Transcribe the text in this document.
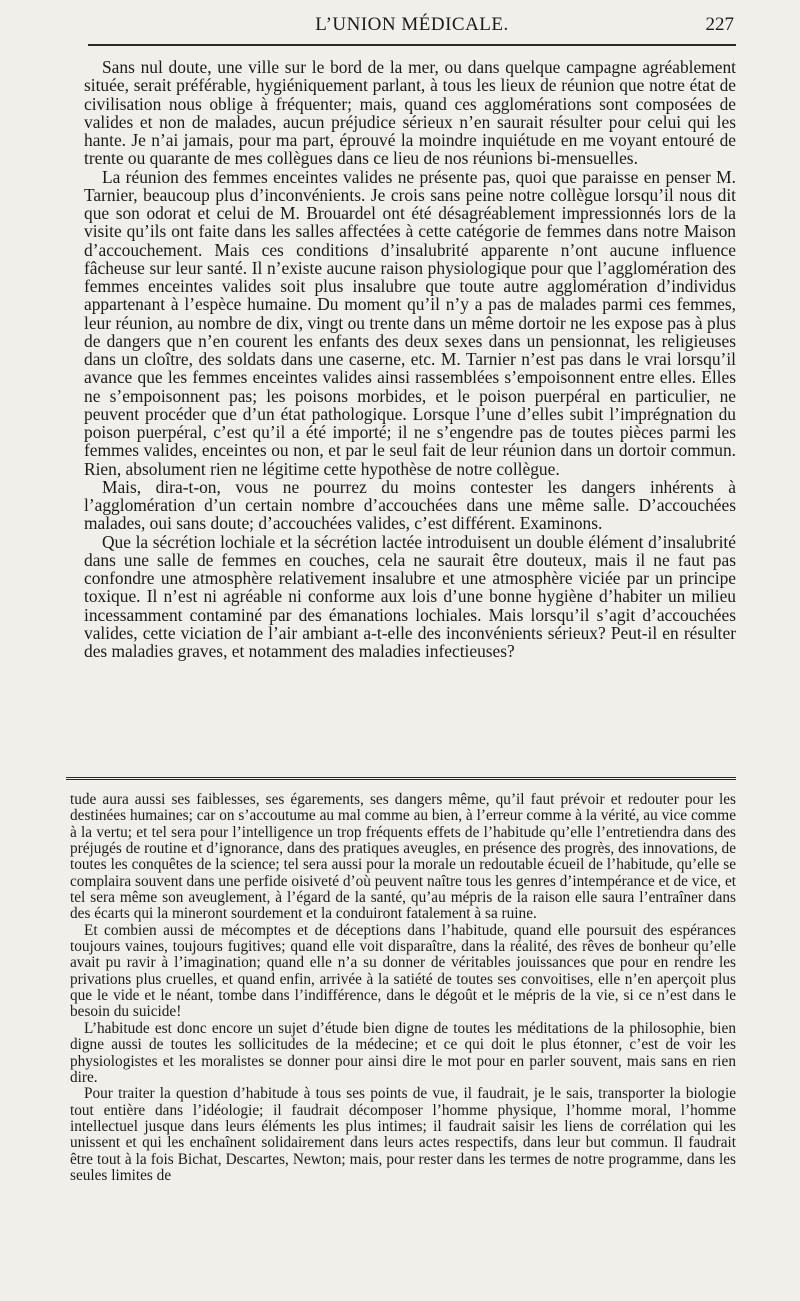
L’UNION MÉDICALE.	227

Sans nul doute, une ville sur le bord de la mer, ou dans quelque campagne agréablement située, serait préférable, hygiéniquement parlant, à tous les lieux de réunion que notre état de civilisation nous oblige à fréquenter; mais, quand ces agglomérations sont composées de valides et non de malades, aucun préjudice sérieux n’en saurait résulter pour celui qui les hante. Je n’ai jamais, pour ma part, éprouvé la moindre inquiétude en me voyant entouré de trente ou quarante de mes collègues dans ce lieu de nos réunions bi-mensuelles.

La réunion des femmes enceintes valides ne présente pas, quoi que paraisse en penser M. Tarnier, beaucoup plus d’inconvénients. Je crois sans peine notre collègue lorsqu’il nous dit que son odorat et celui de M. Brouardel ont été désagréablement impressionnés lors de la visite qu’ils ont faite dans les salles affectées à cette catégorie de femmes dans notre Maison d’accouchement. Mais ces conditions d’insalubrité apparente n’ont aucune influence fâcheuse sur leur santé. Il n’existe aucune raison physiologique pour que l’agglomération des femmes enceintes valides soit plus insalubre que toute autre agglomération d’individus appartenant à l’espèce humaine. Du moment qu’il n’y a pas de malades parmi ces femmes, leur réunion, au nombre de dix, vingt ou trente dans un même dortoir ne les expose pas à plus de dangers que n’en courent les enfants des deux sexes dans un pensionnat, les religieuses dans un cloître, des soldats dans une caserne, etc. M. Tarnier n’est pas dans le vrai lorsqu’il avance que les femmes enceintes valides ainsi rassemblées s’empoisonnent entre elles. Elles ne s’empoisonnent pas; les poisons morbides, et le poison puerpéral en particulier, ne peuvent procéder que d’un état pathologique. Lorsque l’une d’elles subit l’imprégnation du poison puerpéral, c’est qu’il a été importé; il ne s’engendre pas de toutes pièces parmi les femmes valides, enceintes ou non, et par le seul fait de leur réunion dans un dortoir commun. Rien, absolument rien ne légitime cette hypothèse de notre collègue.

Mais, dira-t-on, vous ne pourrez du moins contester les dangers inhérents à l’agglomération d’un certain nombre d’accouchées dans une même salle. D’accouchées malades, oui sans doute; d’accouchées valides, c’est différent. Examinons.

Que la sécrétion lochiale et la sécrétion lactée introduisent un double élément d’insalubrité dans une salle de femmes en couches, cela ne saurait être douteux, mais il ne faut pas confondre une atmosphère relativement insalubre et une atmosphère viciée par un principe toxique. Il n’est ni agréable ni conforme aux lois d’une bonne hygiène d’habiter un milieu incessamment contaminé par des émanations lochiales. Mais lorsqu’il s’agit d’accouchées valides, cette viciation de l’air ambiant a-t-elle des inconvénients sérieux? Peut-il en résulter des maladies graves, et notamment des maladies infectieuses?

tude aura aussi ses faiblesses, ses égarements, ses dangers même, qu’il faut prévoir et redouter pour les destinées humaines; car on s’accoutume au mal comme au bien, à l’erreur comme à la vérité, au vice comme à la vertu; et tel sera pour l’intelligence un trop fréquents effets de l’habitude qu’elle l’entretiendra dans des préjugés de routine et d’ignorance, dans des pratiques aveugles, en présence des progrès, des innovations, de toutes les conquêtes de la science; tel sera aussi pour la morale un redoutable écueil de l’habitude, qu’elle se complaira souvent dans une perfide oisiveté d’où peuvent naître tous les genres d’intempérance et de vice, et tel sera même son aveuglement, à l’égard de la santé, qu’au mépris de la raison elle saura l’entraîner dans des écarts qui la mineront sourdement et la conduiront fatalement à sa ruine.

Et combien aussi de mécomptes et de déceptions dans l’habitude, quand elle poursuit des espérances toujours vaines, toujours fugitives; quand elle voit disparaître, dans la réalité, des rêves de bonheur qu’elle avait pu ravir à l’imagination; quand elle n’a su donner de véritables jouissances que pour en rendre les privations plus cruelles, et quand enfin, arrivée à la satiété de toutes ses convoitises, elle n’en aperçoit plus que le vide et le néant, tombe dans l’indifférence, dans le dégoût et le mépris de la vie, si ce n’est dans le besoin du suicide!

L’habitude est donc encore un sujet d’étude bien digne de toutes les méditations de la philosophie, bien digne aussi de toutes les sollicitudes de la médecine; et ce qui doit le plus étonner, c’est de voir les physiologistes et les moralistes se donner pour ainsi dire le mot pour en parler souvent, mais sans en rien dire.

Pour traiter la question d’habitude à tous ses points de vue, il faudrait, je le sais, transporter la biologie tout entière dans l’idéologie; il faudrait décomposer l’homme physique, l’homme moral, l’homme intellectuel jusque dans leurs éléments les plus intimes; il faudrait saisir les liens de corrélation qui les unissent et qui les enchaînent solidairement dans leurs actes respectifs, dans leur but commun. Il faudrait être tout à la fois Bichat, Descartes, Newton; mais, pour rester dans les termes de notre programme, dans les seules limites de
